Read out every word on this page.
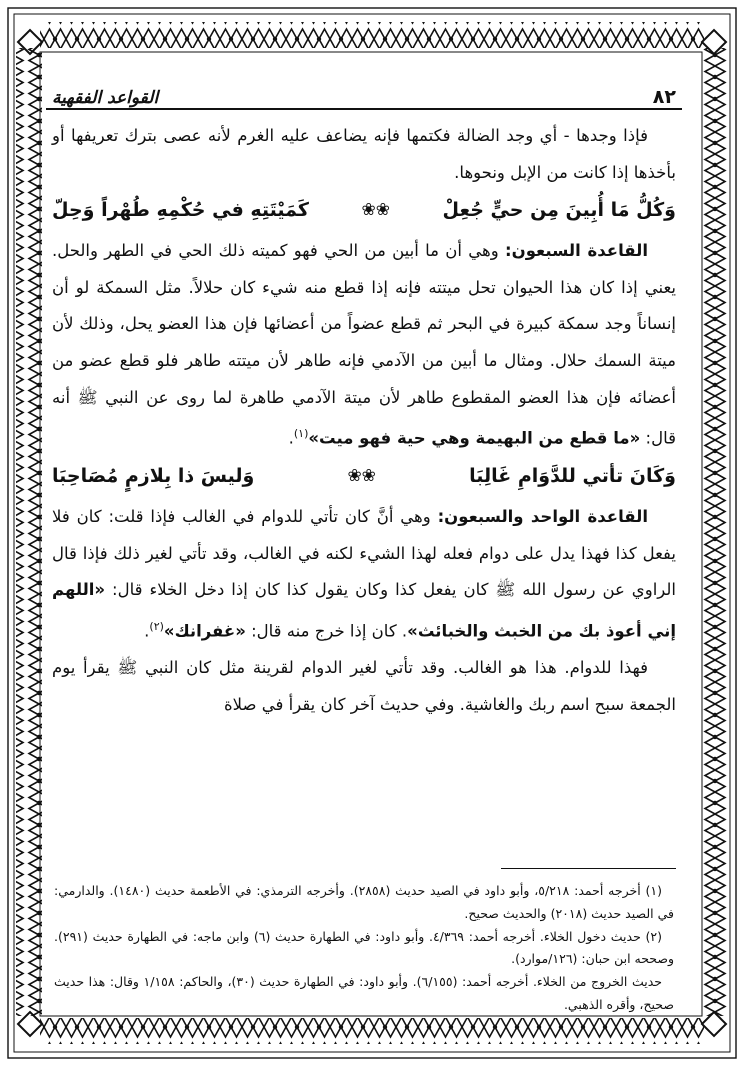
٨٢
القواعد الفقهية

فإذا وجدها - أي وجد الضالة فكتمها فإنه يضاعف عليه الغرم لأنه عصى بترك تعريفها أو بأخذها إذا كانت من الإبل ونحوها.

وَكُلُّ مَا أُبِينَ مِن حيٍّ جُعِلْ
❀❀
كَمَيْتَتِهِ في حُكْمِهِ طُهْراً وَحِلّ

القاعدة السبعون: وهي أن ما أبين من الحي فهو كميته ذلك الحي في الطهر والحل. يعني إذا كان هذا الحيوان تحل ميتته فإنه إذا قطع منه شيء كان حلالاً. مثل السمكة لو أن إنساناً وجد سمكة كبيرة في البحر ثم قطع عضواً من أعضائها فإن هذا العضو يحل، وذلك لأن ميتة السمك حلال. ومثال ما أبين من الآدمي فإنه طاهر لأن ميتته طاهر فلو قطع عضو من أعضائه فإن هذا العضو المقطوع طاهر لأن ميتة الآدمي طاهرة لما روى عن النبي ﷺ أنه قال: «ما قطع من البهيمة وهي حية فهو ميت»$^{(١)}$.

وَكَانَ تأتي للدَّوَامِ غَالِبَا
❀❀
وَليسَ ذا بِلازمٍ مُصَاحِبَا

القاعدة الواحد والسبعون: وهي أنَّ كان تأتي للدوام في الغالب فإذا قلت: كان فلا يفعل كذا فهذا يدل على دوام فعله لهذا الشيء لكنه في الغالب، وقد تأتي لغير ذلك فإذا قال الراوي عن رسول الله ﷺ كان يفعل كذا وكان يقول كذا كان إذا دخل الخلاء قال: «اللهم إني أعوذ بك من الخبث والخبائث». كان إذا خرج منه قال: «غفرانك»$^{(٢)}$.

فهذا للدوام. هذا هو الغالب. وقد تأتي لغير الدوام لقرينة مثل كان النبي ﷺ يقرأ يوم الجمعة سبح اسم ربك والغاشية. وفي حديث آخر كان يقرأ في صلاة

(١) أخرجه أحمد: ٥/٢١٨، وأبو داود في الصيد حديث (٢٨٥٨). وأخرجه الترمذي: في الأطعمة حديث (١٤٨٠). والدارمي: في الصيد حديث (٢٠١٨) والحديث صحيح.

(٢) حديث دخول الخلاء. أخرجه أحمد: ٤/٣٦٩. وأبو داود: في الطهارة حديث (٦) وابن ماجه: في الطهارة حديث (٢٩١). وصححه ابن حبان: (١٢٦/موارد).

حديث الخروج من الخلاء. أخرجه أحمد: (٦/١٥٥). وأبو داود: في الطهارة حديث (٣٠)، والحاكم: ١/١٥٨ وقال: هذا حديث صحيح، وأقره الذهبي.
